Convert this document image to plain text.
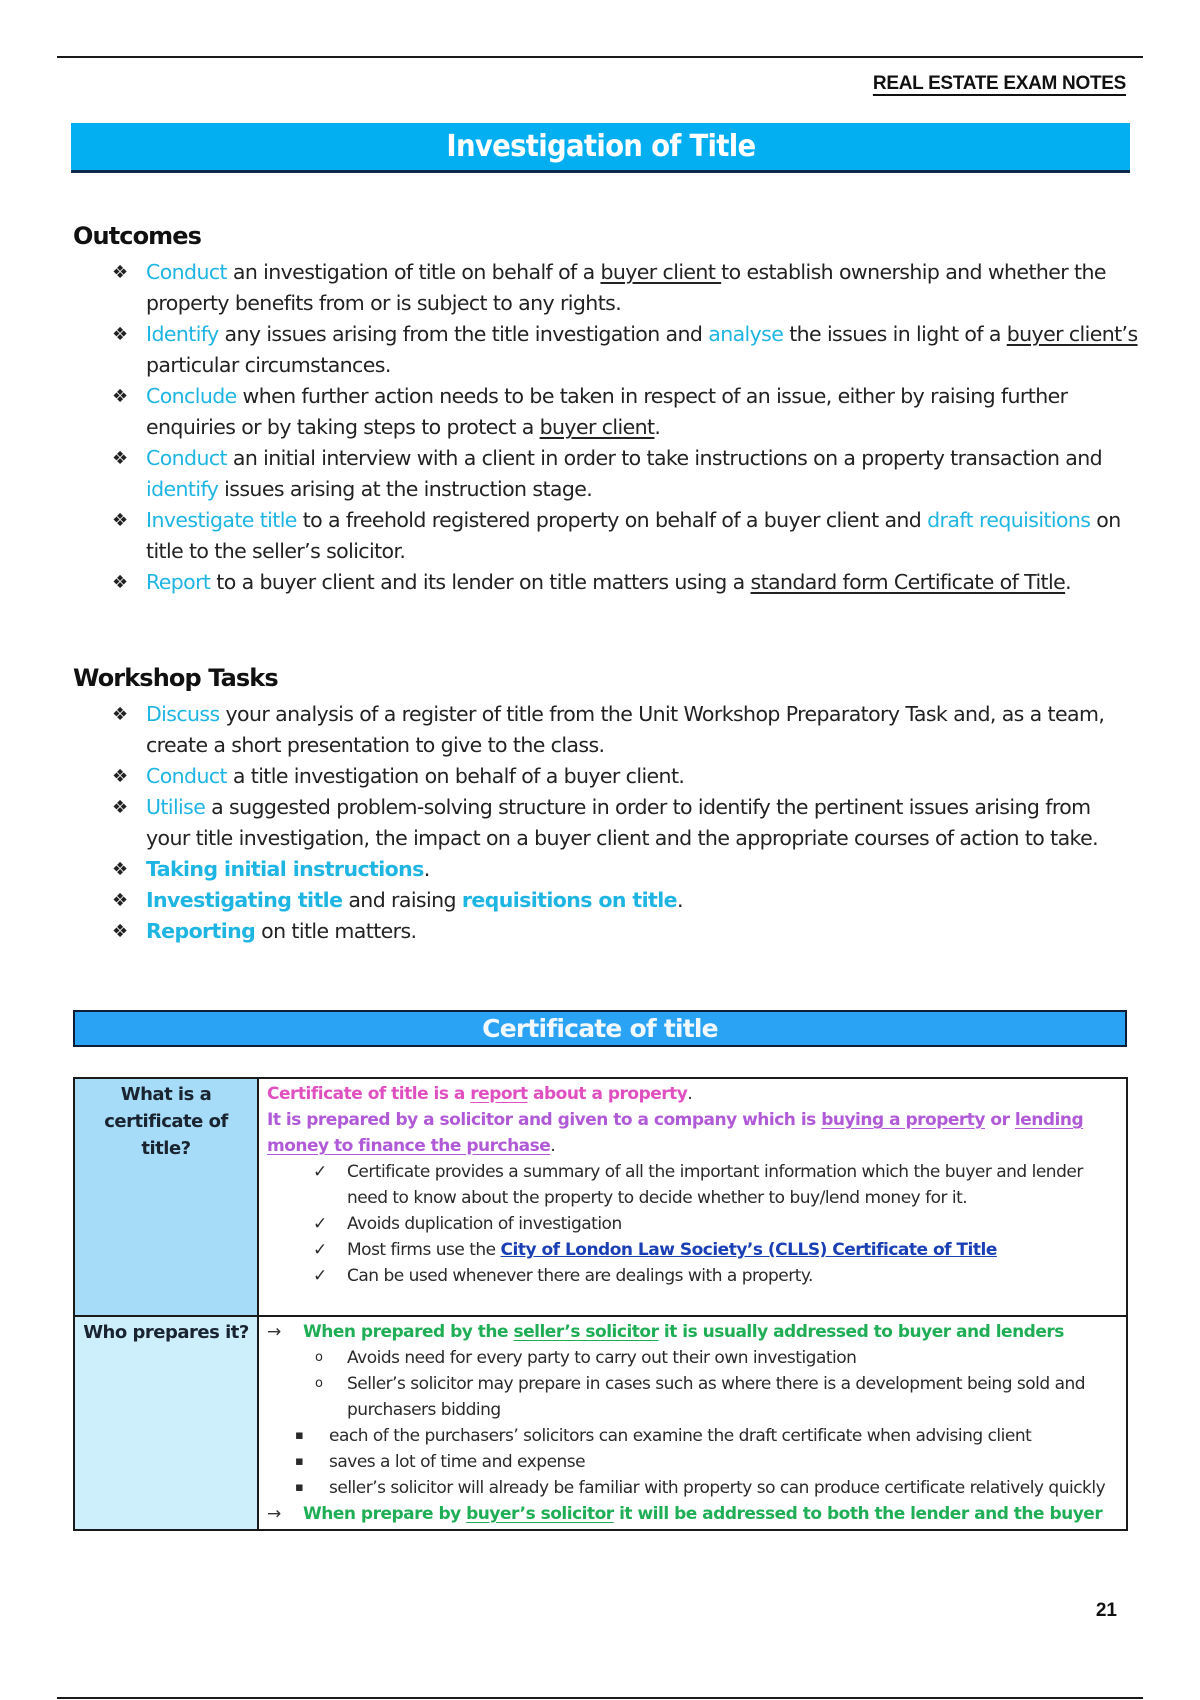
REAL ESTATE EXAM NOTES
Investigation of Title
Outcomes
❖ Conduct an investigation of title on behalf of a buyer client to establish ownership and whether the property benefits from or is subject to any rights.
❖ Identify any issues arising from the title investigation and analyse the issues in light of a buyer client’s particular circumstances.
❖ Conclude when further action needs to be taken in respect of an issue, either by raising further enquiries or by taking steps to protect a buyer client.
❖ Conduct an initial interview with a client in order to take instructions on a property transaction and identify issues arising at the instruction stage.
❖ Investigate title to a freehold registered property on behalf of a buyer client and draft requisitions on title to the seller’s solicitor.
❖ Report to a buyer client and its lender on title matters using a standard form Certificate of Title.
Workshop Tasks
❖ Discuss your analysis of a register of title from the Unit Workshop Preparatory Task and, as a team, create a short presentation to give to the class.
❖ Conduct a title investigation on behalf of a buyer client.
❖ Utilise a suggested problem-solving structure in order to identify the pertinent issues arising from your title investigation, the impact on a buyer client and the appropriate courses of action to take.
❖ Taking initial instructions.
❖ Investigating title and raising requisitions on title.
❖ Reporting on title matters.
Certificate of title
What is a certificate of title?	
Certificate of title is a report about a property.
It is prepared by a solicitor and given to a company which is buying a property or lending money to finance the purchase.
✓ Certificate provides a summary of all the important information which the buyer and lender need to know about the property to decide whether to buy/lend money for it.
✓ Avoids duplication of investigation
✓ Most firms use the City of London Law Society’s (CLLS) Certificate of Title
✓ Can be used whenever there are dealings with a property.

Who prepares it?	→ When prepared by the seller’s solicitor it is usually addressed to buyer and lenders
o Avoids need for every party to carry out their own investigation
o Seller’s solicitor may prepare in cases such as where there is a development being sold and purchasers bidding
▪ each of the purchasers’ solicitors can examine the draft certificate when advising client
▪ saves a lot of time and expense
▪ seller’s solicitor will already be familiar with property so can produce certificate relatively quickly
→ When prepare by buyer’s solicitor it will be addressed to both the lender and the buyer
21
